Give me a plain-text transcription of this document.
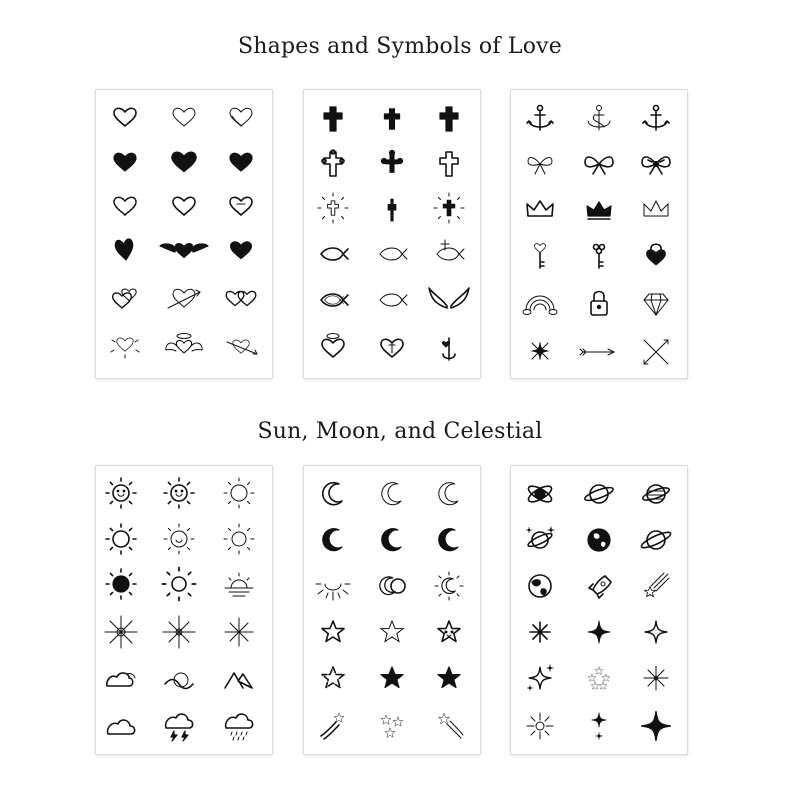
Shapes and Symbols of Love
Sun, Moon, and Celestial
